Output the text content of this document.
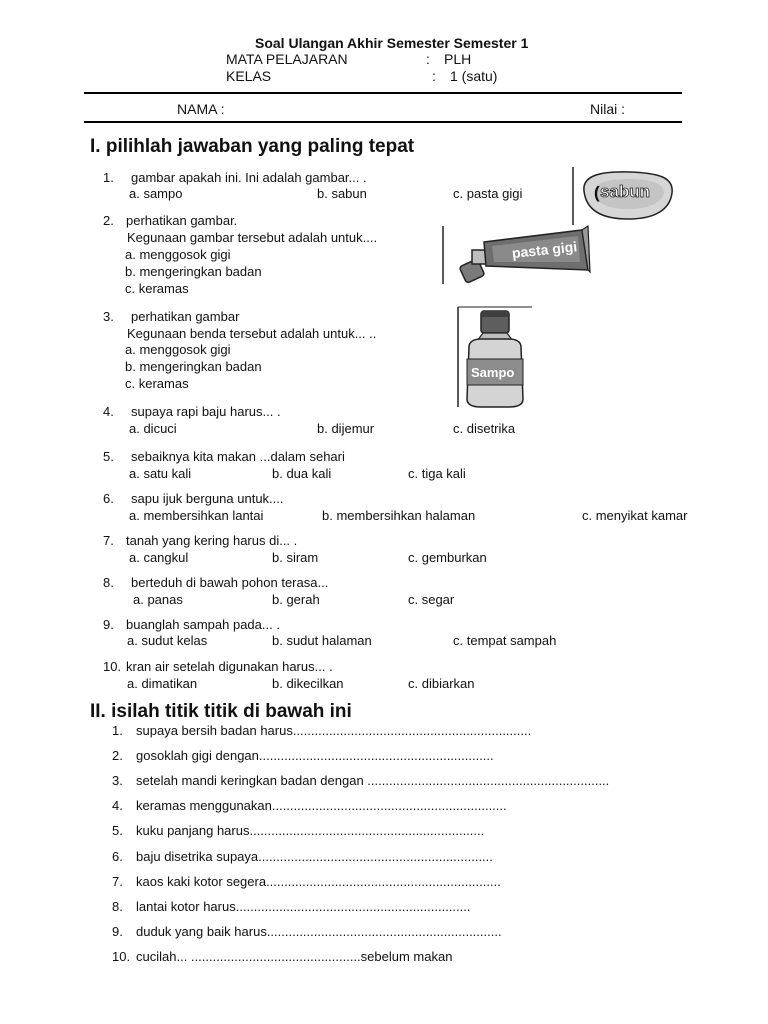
Soal Ulangan Akhir Semester Semester 1
MATA PELAJARAN	: PLH
KELAS	: 1 (satu)
NAMA :	Nilai :
I. pilihlah jawaban yang paling tepat
1. gambar apakah ini. Ini adalah gambar... .
a. sampo	b. sabun	c. pasta gigi
2. perhatikan gambar.
Kegunaan gambar tersebut adalah untuk....
a. menggosok gigi
b. mengeringkan badan
c. keramas
3. perhatikan gambar
Kegunaan benda tersebut adalah untuk... ..
a. menggosok gigi
b. mengeringkan badan
c. keramas
4. supaya rapi baju harus... .
a. dicuci	b. dijemur	c. disetrika
5. sebaiknya kita makan ...dalam sehari
a. satu kali	b. dua kali	c. tiga kali
6. sapu ijuk berguna untuk....
a. membersihkan lantai	b. membersihkan halaman	c. menyikat kamar
7. tanah yang kering harus di... .
a. cangkul	b. siram	c. gemburkan
8. berteduh di bawah pohon terasa...
a. panas	b. gerah	c. segar
9. buanglah sampah pada... .
a. sudut kelas	b. sudut halaman	c. tempat sampah
10. kran air setelah digunakan harus... .
a. dimatikan	b. dikecilkan	c. dibiarkan
II. isilah titik titik di bawah ini
1. supaya bersih badan harus..................................................................
2. gosoklah gigi dengan.................................................................
3. setelah mandi keringkan badan dengan ...................................................................
4. keramas menggunakan.................................................................
5. kuku panjang harus.................................................................
6. baju disetrika supaya.................................................................
7. kaos kaki kotor segera.................................................................
8. lantai kotor harus.................................................................
9. duduk yang baik harus.................................................................
10. cucilah... ...............................................sebelum makan
( sabun
pasta gigi
Sampo
